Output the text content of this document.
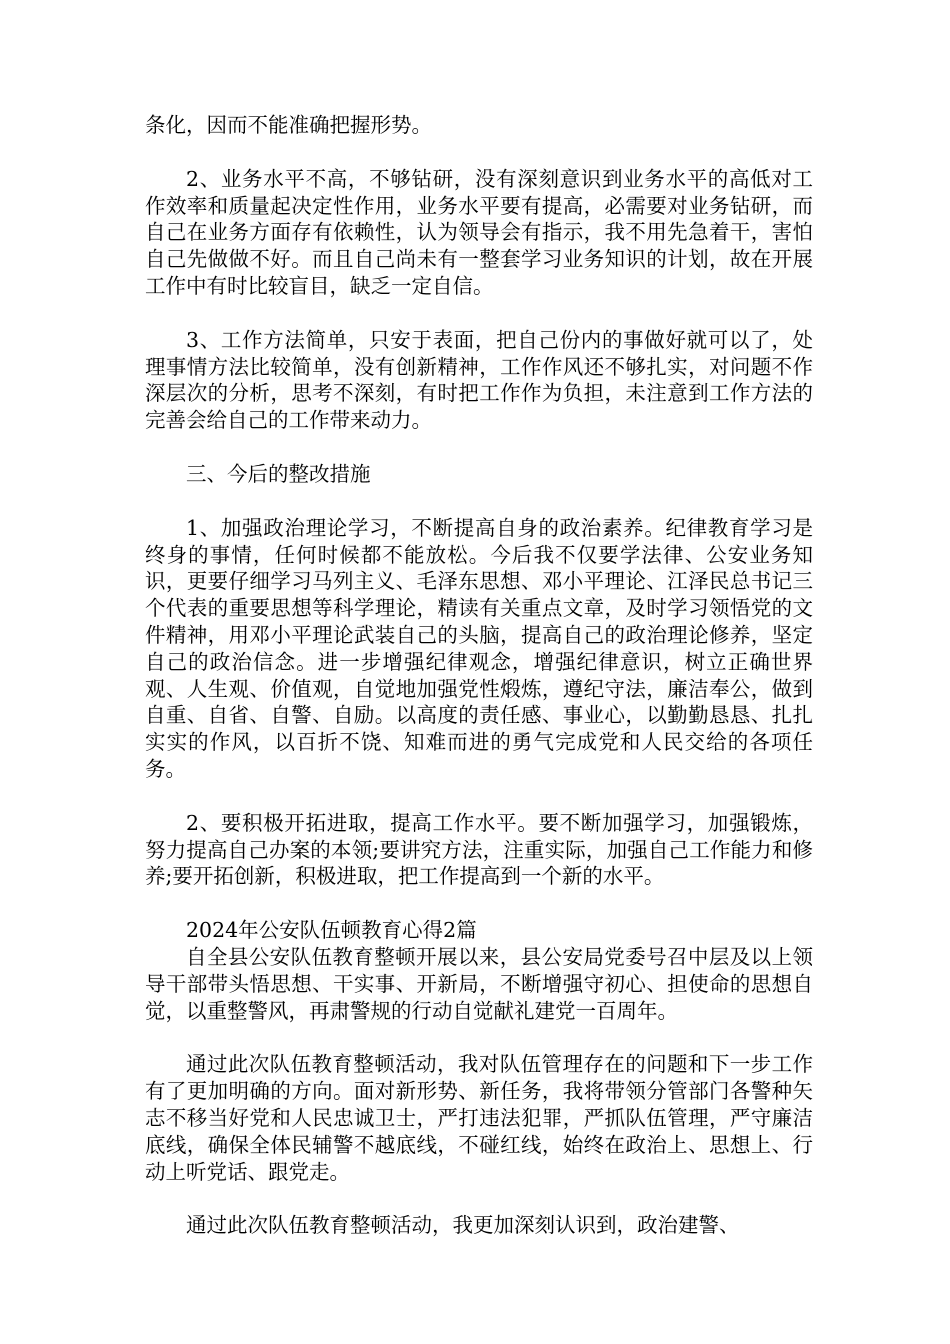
条化，因而不能准确把握形势。

2、业务水平不高，不够钻研，没有深刻意识到业务水平的高低对工作效率和质量起决定性作用，业务水平要有提高，必需要对业务钻研，而自己在业务方面存有依赖性，认为领导会有指示，我不用先急着干，害怕自己先做做不好。而且自己尚未有一整套学习业务知识的计划，故在开展工作中有时比较盲目，缺乏一定自信。

3、工作方法简单，只安于表面，把自己份内的事做好就可以了，处理事情方法比较简单，没有创新精神，工作作风还不够扎实，对问题不作深层次的分析，思考不深刻，有时把工作作为负担，未注意到工作方法的完善会给自己的工作带来动力。

三、今后的整改措施

1、加强政治理论学习，不断提高自身的政治素养。纪律教育学习是终身的事情，任何时候都不能放松。今后我不仅要学法律、公安业务知识，更要仔细学习马列主义、毛泽东思想、邓小平理论、江泽民总书记三个代表的重要思想等科学理论，精读有关重点文章，及时学习领悟党的文件精神，用邓小平理论武装自己的头脑，提高自己的政治理论修养，坚定自己的政治信念。进一步增强纪律观念，增强纪律意识，树立正确世界观、人生观、价值观，自觉地加强党性煅炼，遵纪守法，廉洁奉公，做到自重、自省、自警、自励。以高度的责任感、事业心，以勤勤恳恳、扎扎实实的作风，以百折不饶、知难而进的勇气完成党和人民交给的各项任务。

2、要积极开拓进取，提高工作水平。要不断加强学习，加强锻炼，努力提高自己办案的本领;要讲究方法，注重实际，加强自己工作能力和修养;要开拓创新，积极进取，把工作提高到一个新的水平。

2024年公安队伍顿教育心得2篇

自全县公安队伍教育整顿开展以来，县公安局党委号召中层及以上领导干部带头悟思想、干实事、开新局，不断增强守初心、担使命的思想自觉，以重整警风，再肃警规的行动自觉献礼建党一百周年。

通过此次队伍教育整顿活动，我对队伍管理存在的问题和下一步工作有了更加明确的方向。面对新形势、新任务，我将带领分管部门各警种矢志不移当好党和人民忠诚卫士，严打违法犯罪，严抓队伍管理，严守廉洁底线，确保全体民辅警不越底线，不碰红线，始终在政治上、思想上、行动上听党话、跟党走。

通过此次队伍教育整顿活动，我更加深刻认识到，政治建警、
